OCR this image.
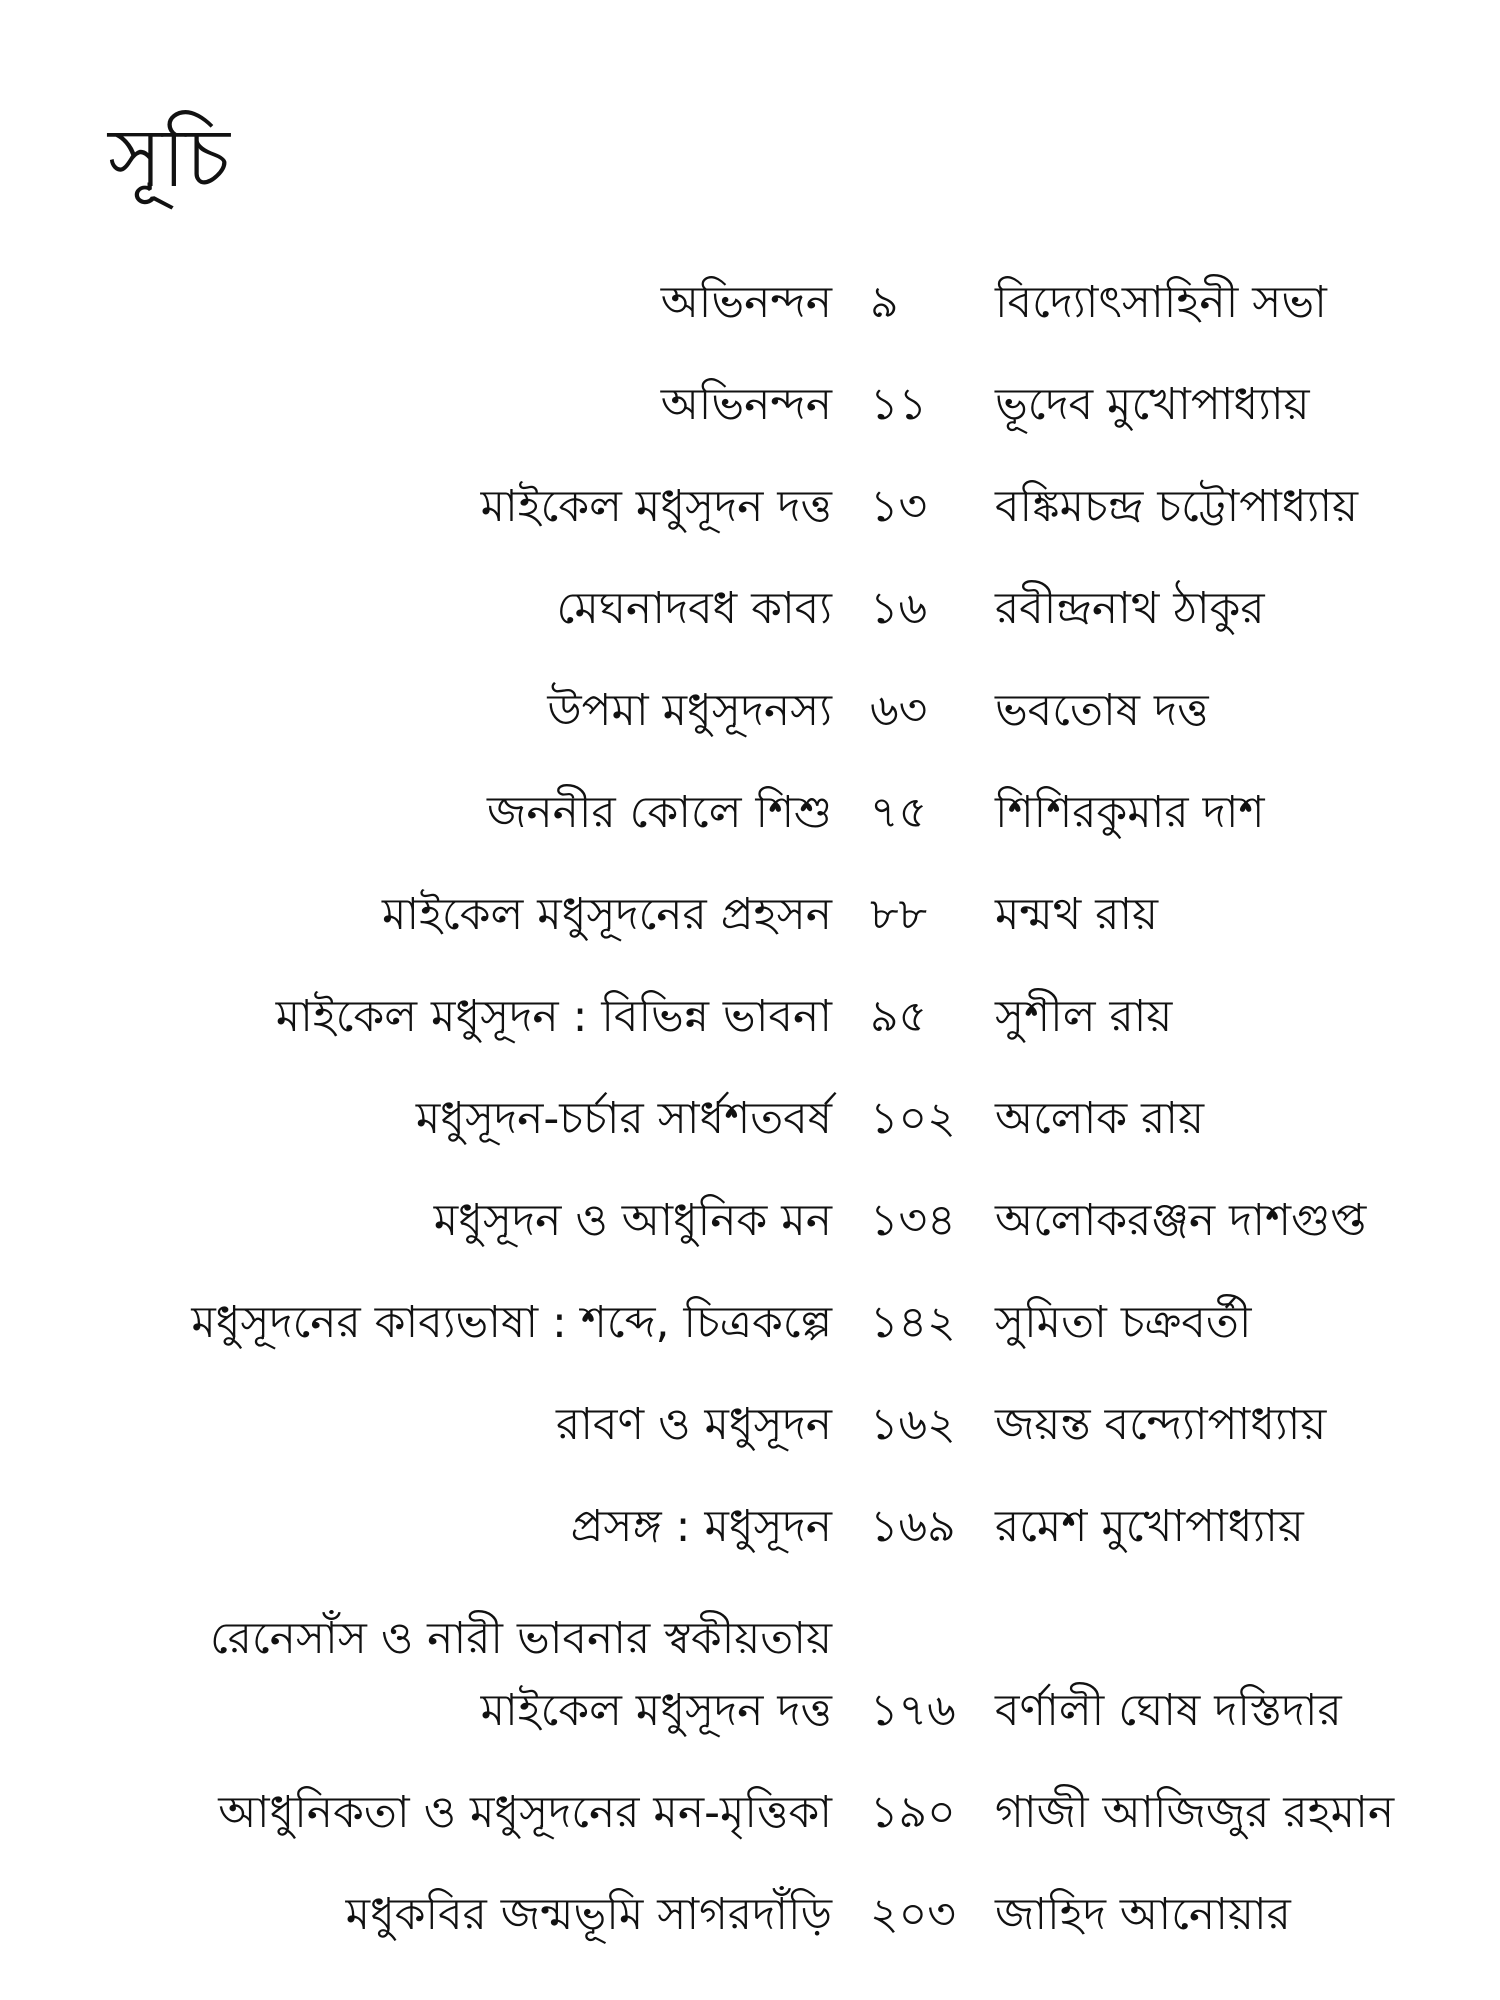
সূচি
অভিনন্দন ৯ বিদ্যোৎসাহিনী সভা
অভিনন্দন ১১ ভূদেব মুখোপাধ্যায়
মাইকেল মধুসূদন দত্ত ১৩ বঙ্কিমচন্দ্র চট্টোপাধ্যায়
মেঘনাদবধ কাব্য ১৬ রবীন্দ্রনাথ ঠাকুর
উপমা মধুসূদনস্য ৬৩ ভবতোষ দত্ত
জননীর কোলে শিশু ৭৫ শিশিরকুমার দাশ
মাইকেল মধুসূদনের প্রহসন ৮৮ মন্মথ রায়
মাইকেল মধুসূদন : বিভিন্ন ভাবনা ৯৫ সুশীল রায়
মধুসূদন-চর্চার সার্ধশতবর্ষ ১০২ অলোক রায়
মধুসূদন ও আধুনিক মন ১৩৪ অলোকরঞ্জন দাশগুপ্ত
মধুসূদনের কাব্যভাষা : শব্দে, চিত্রকল্পে ১৪২ সুমিতা চক্রবর্তী
রাবণ ও মধুসূদন ১৬২ জয়ন্ত বন্দ্যোপাধ্যায়
প্রসঙ্গ : মধুসূদন ১৬৯ রমেশ মুখোপাধ্যায়
রেনেসাঁস ও নারী ভাবনার স্বকীয়তায়
মাইকেল মধুসূদন দত্ত ১৭৬ বর্ণালী ঘোষ দস্তিদার
আধুনিকতা ও মধুসূদনের মন-মৃত্তিকা ১৯০ গাজী আজিজুর রহমান
মধুকবির জন্মভূমি সাগরদাঁড়ি ২০৩ জাহিদ আনোয়ার
